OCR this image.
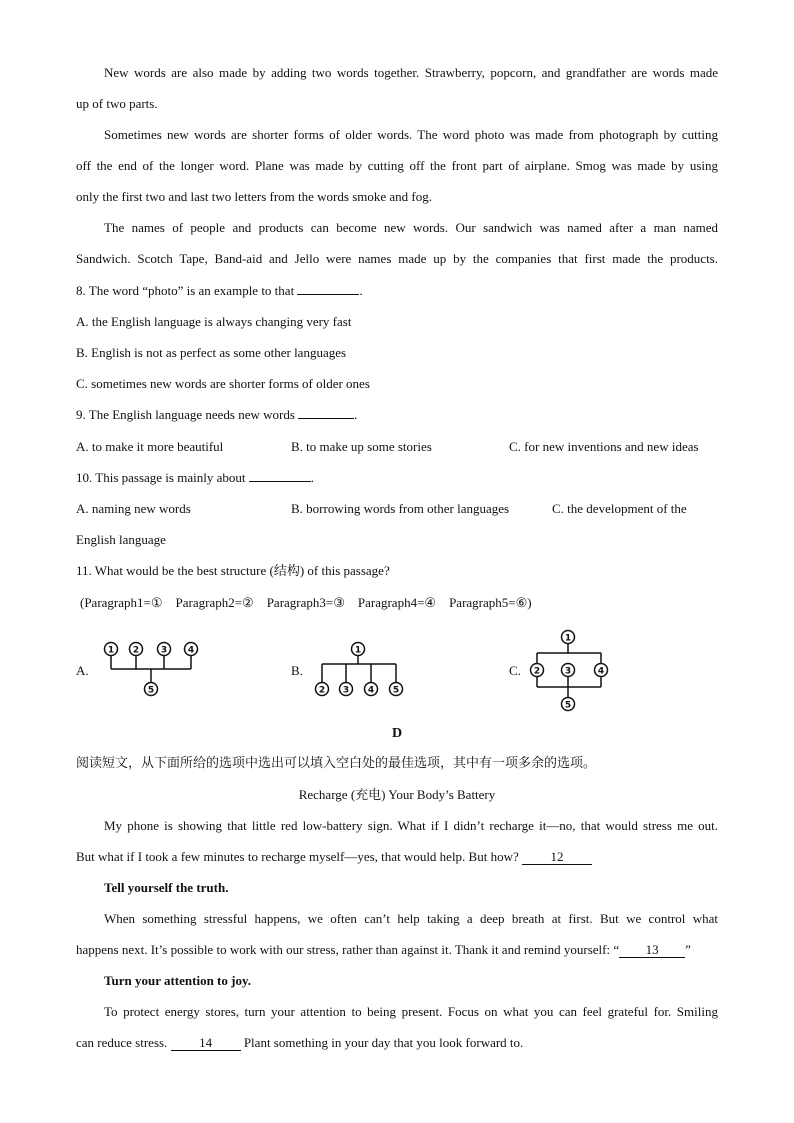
New words are also made by adding two words together. Strawberry, popcorn, and grandfather are words made
up of two parts.
Sometimes new words are shorter forms of older words. The word photo was made from photograph by cutting
off the end of the longer word. Plane was made by cutting off the front part of airplane. Smog was made by using
only the first two and last two letters from the words smoke and fog.
The names of people and products can become new words. Our sandwich was named after a man named
Sandwich. Scotch Tape, Band-aid and Jello were names made up by the companies that first made the products.
8. The word “photo” is an example to that	.
A. the English language is always changing very fast
B. English is not as perfect as some other languages
C. sometimes new words are shorter forms of older ones
9. The English language needs new words	.
A. to make it more beautiful	B. to make up some stories	C. for new inventions and new ideas
10. This passage is mainly about	.
A. naming new words	B. borrowing words from other languages	C. the development of the
English language
11. What would be the best structure (结构) of this passage?
(Paragraph1=①    Paragraph2=②    Paragraph3=③    Paragraph4=④    Paragraph5=⑥)
A.
1 2 3 4
5
B.
1
2 3 4 5
C.
1
2	3	4
5
D
阅读短文，从下面所给的选项中选出可以填入空白处的最佳选项，其中有一项多余的选项。
Recharge (充电) Your Body’s Battery
My phone is showing that little red low-battery sign. What if I didn’t recharge it—no, that would stress me out.
But what if I took a few minutes to recharge myself—yes, that would help. But how? 12
Tell yourself the truth.
When something stressful happens, we often can’t help taking a deep breath at first. But we control what
happens next. It’s possible to work with our stress, rather than against it. Thank it and remind yourself: “ 13 ”
Turn your attention to joy.
To protect energy stores, turn your attention to being present. Focus on what you can feel grateful for. Smiling
can reduce stress. 14 Plant something in your day that you look forward to.
